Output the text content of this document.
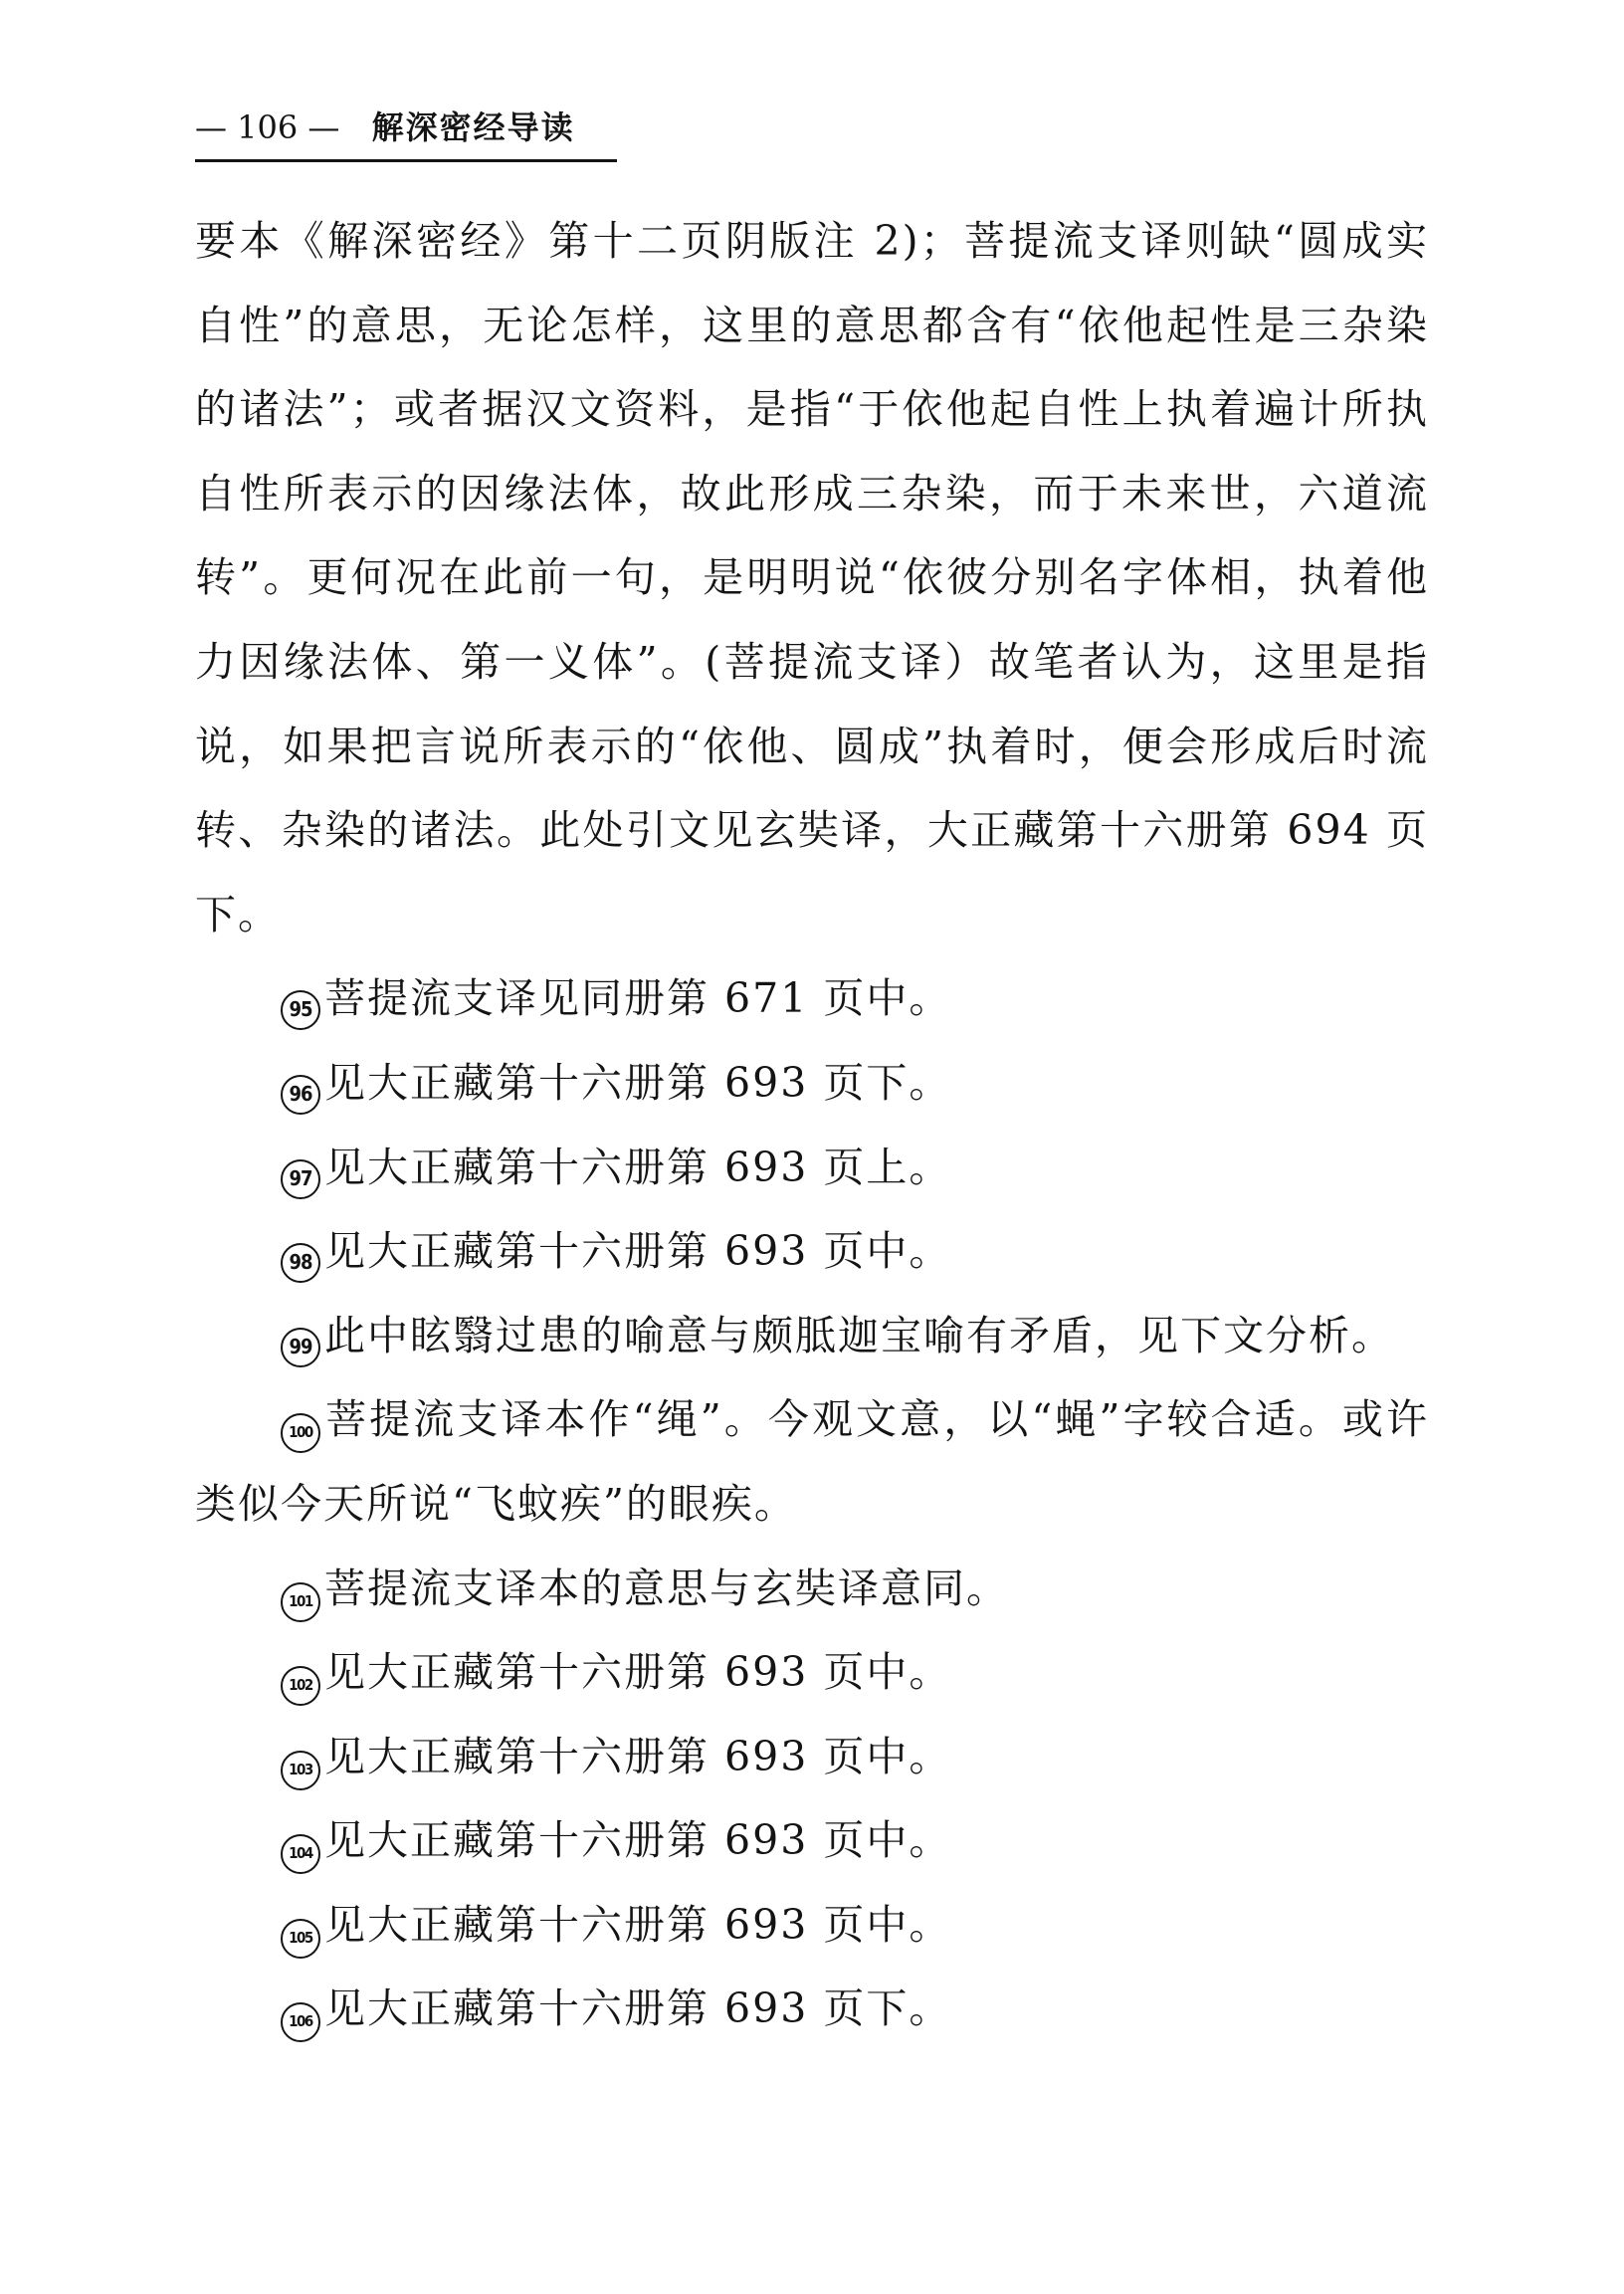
— 106 — 解深密经导读

要本《解深密经》第十二页阴版注 2)；菩提流支译则缺“圆成实自性”的意思，无论怎样，这里的意思都含有“依他起性是三杂染的诸法”；或者据汉文资料，是指“于依他起自性上执着遍计所执自性所表示的因缘法体，故此形成三杂染，而于未来世，六道流转”。更何况在此前一句，是明明说“依彼分别名字体相，执着他力因缘法体、第一义体”。(菩提流支译）故笔者认为，这里是指说，如果把言说所表示的“依他、圆成”执着时，便会形成后时流转、杂染的诸法。此处引文见玄奘译，大正藏第十六册第 694 页下。

95 菩提流支译见同册第 671 页中。

96 见大正藏第十六册第 693 页下。

97 见大正藏第十六册第 693 页上。

98 见大正藏第十六册第 693 页中。

99 此中眩翳过患的喻意与颇胝迦宝喻有矛盾，见下文分析。

100 菩提流支译本作“绳”。今观文意，以“蝇”字较合适。或许类似今天所说“飞蚊疾”的眼疾。

101 菩提流支译本的意思与玄奘译意同。

102 见大正藏第十六册第 693 页中。

103 见大正藏第十六册第 693 页中。

104 见大正藏第十六册第 693 页中。

105 见大正藏第十六册第 693 页中。

106 见大正藏第十六册第 693 页下。
